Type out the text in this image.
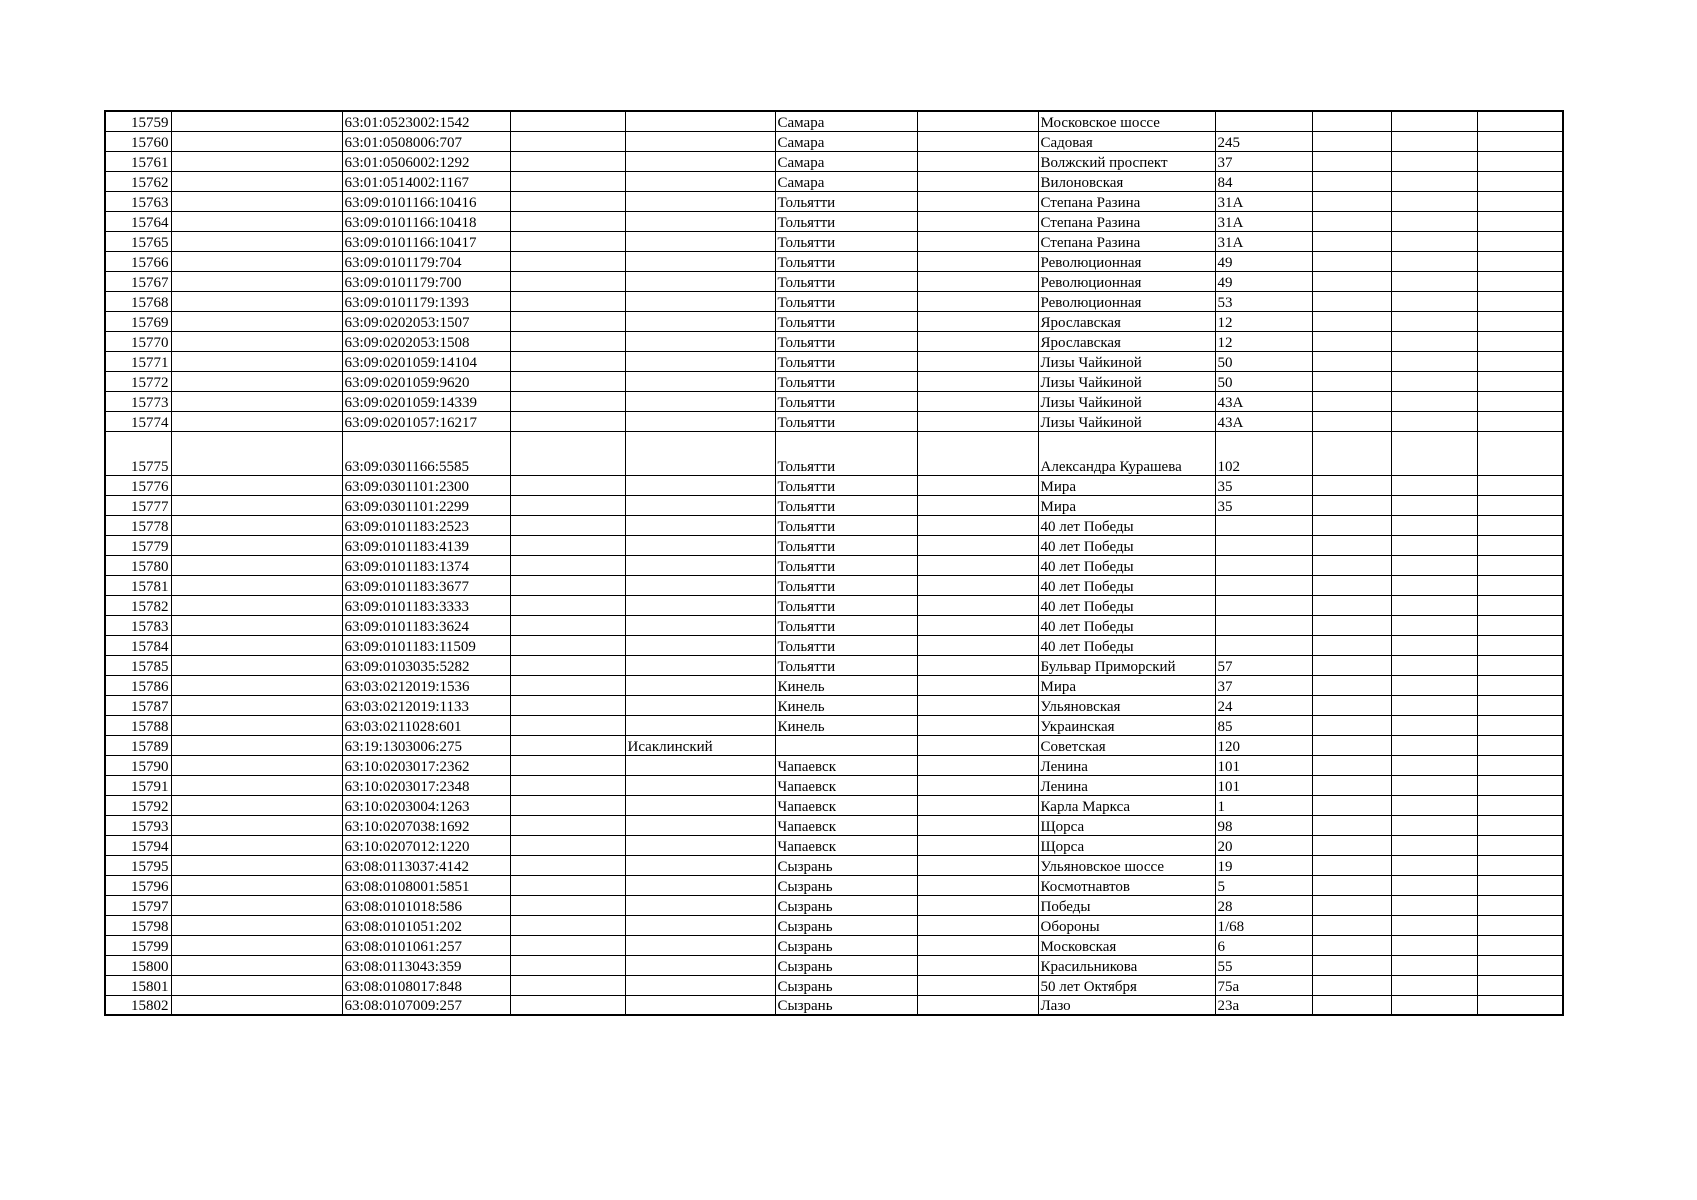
15759		63:01:0523002:1542			Самара		Московское шоссе				
15760		63:01:0508006:707			Самара		Садовая	245			
15761		63:01:0506002:1292			Самара		Волжский проспект	37			
15762		63:01:0514002:1167			Самара		Вилоновская	84			
15763		63:09:0101166:10416			Тольятти		Степана Разина	31А			
15764		63:09:0101166:10418			Тольятти		Степана Разина	31А			
15765		63:09:0101166:10417			Тольятти		Степана Разина	31А			
15766		63:09:0101179:704			Тольятти		Революционная	49			
15767		63:09:0101179:700			Тольятти		Революционная	49			
15768		63:09:0101179:1393			Тольятти		Революционная	53			
15769		63:09:0202053:1507			Тольятти		Ярославская	12			
15770		63:09:0202053:1508			Тольятти		Ярославская	12			
15771		63:09:0201059:14104			Тольятти		Лизы Чайкиной	50			
15772		63:09:0201059:9620			Тольятти		Лизы Чайкиной	50			
15773		63:09:0201059:14339			Тольятти		Лизы Чайкиной	43А			
15774		63:09:0201057:16217			Тольятти		Лизы Чайкиной	43А			
15775		63:09:0301166:5585			Тольятти		Александра Курашева	102			
15776		63:09:0301101:2300			Тольятти		Мира	35			
15777		63:09:0301101:2299			Тольятти		Мира	35			
15778		63:09:0101183:2523			Тольятти		40 лет Победы				
15779		63:09:0101183:4139			Тольятти		40 лет Победы				
15780		63:09:0101183:1374			Тольятти		40 лет Победы				
15781		63:09:0101183:3677			Тольятти		40 лет Победы				
15782		63:09:0101183:3333			Тольятти		40 лет Победы				
15783		63:09:0101183:3624			Тольятти		40 лет Победы				
15784		63:09:0101183:11509			Тольятти		40 лет Победы				
15785		63:09:0103035:5282			Тольятти		Бульвар Приморский	57			
15786		63:03:0212019:1536			Кинель		Мира	37			
15787		63:03:0212019:1133			Кинель		Ульяновская	24			
15788		63:03:0211028:601			Кинель		Украинская	85			
15789		63:19:1303006:275		Исаклинский			Советская	120			
15790		63:10:0203017:2362			Чапаевск		Ленина	101			
15791		63:10:0203017:2348			Чапаевск		Ленина	101			
15792		63:10:0203004:1263			Чапаевск		Карла Маркса	1			
15793		63:10:0207038:1692			Чапаевск		Щорса	98			
15794		63:10:0207012:1220			Чапаевск		Щорса	20			
15795		63:08:0113037:4142			Сызрань		Ульяновское шоссе	19			
15796		63:08:0108001:5851			Сызрань		Космотнавтов	5			
15797		63:08:0101018:586			Сызрань		Победы	28			
15798		63:08:0101051:202			Сызрань		Обороны	1/68			
15799		63:08:0101061:257			Сызрань		Московская	6			
15800		63:08:0113043:359			Сызрань		Красильникова	55			
15801		63:08:0108017:848			Сызрань		50 лет Октября	75а			
15802		63:08:0107009:257			Сызрань		Лазо	23а			
